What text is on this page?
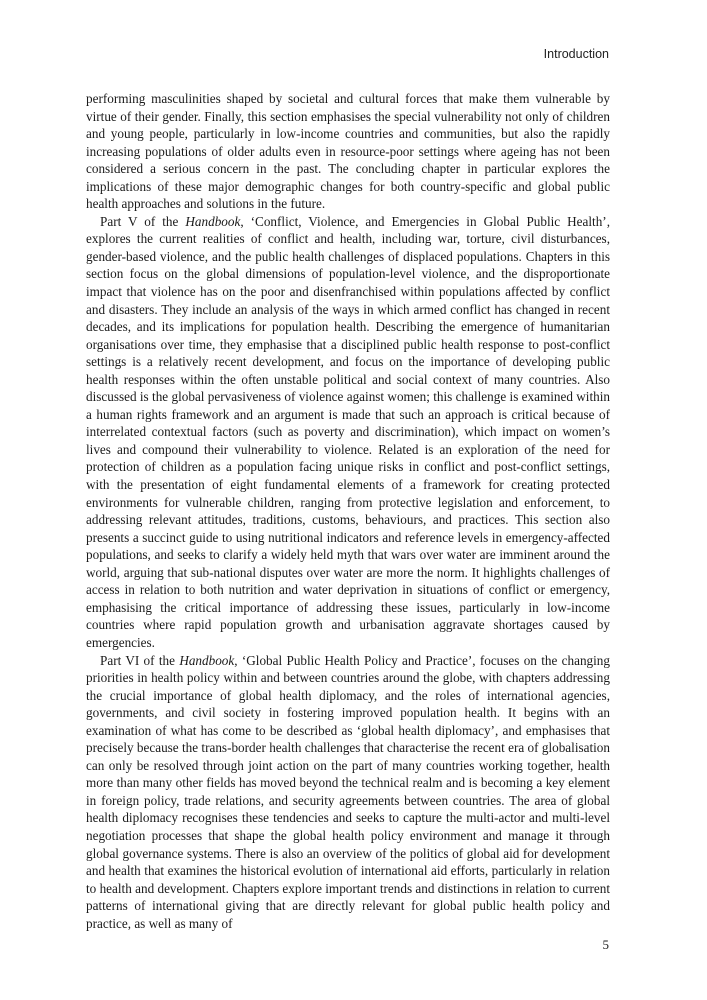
Introduction

performing masculinities shaped by societal and cultural forces that make them vulnerable by virtue of their gender. Finally, this section emphasises the special vulnerability not only of children and young people, particularly in low-income countries and communities, but also the rapidly increasing populations of older adults even in resource-poor settings where ageing has not been considered a serious concern in the past. The concluding chapter in particular explores the implications of these major demographic changes for both country-specific and global public health approaches and solutions in the future.

Part V of the Handbook, ‘Conflict, Violence, and Emergencies in Global Public Health’, explores the current realities of conflict and health, including war, torture, civil disturbances, gender-based violence, and the public health challenges of displaced populations. Chapters in this section focus on the global dimensions of population-level violence, and the disproportionate impact that violence has on the poor and disenfranchised within populations affected by conflict and disasters. They include an analysis of the ways in which armed conflict has changed in recent decades, and its implications for population health. Describing the emergence of humanitarian organisations over time, they emphasise that a disciplined public health response to post-conflict settings is a relatively recent development, and focus on the importance of developing public health responses within the often unstable political and social context of many countries. Also discussed is the global pervasiveness of violence against women; this challenge is examined within a human rights framework and an argument is made that such an approach is critical because of interrelated contextual factors (such as poverty and discrimination), which impact on women’s lives and compound their vulnerability to violence. Related is an exploration of the need for protection of children as a population facing unique risks in conflict and post-conflict settings, with the presentation of eight fundamental elements of a framework for creating protected environments for vulnerable children, ranging from protective legislation and enforcement, to addressing relevant attitudes, traditions, customs, behaviours, and practices. This section also presents a succinct guide to using nutritional indicators and reference levels in emergency-affected populations, and seeks to clarify a widely held myth that wars over water are imminent around the world, arguing that sub-national disputes over water are more the norm. It highlights challenges of access in relation to both nutrition and water deprivation in situations of conflict or emergency, emphasising the critical importance of addressing these issues, particularly in low-income countries where rapid population growth and urbanisation aggravate shortages caused by emergencies.

Part VI of the Handbook, ‘Global Public Health Policy and Practice’, focuses on the changing priorities in health policy within and between countries around the globe, with chapters addressing the crucial importance of global health diplomacy, and the roles of international agencies, governments, and civil society in fostering improved population health. It begins with an examination of what has come to be described as ‘global health diplomacy’, and emphasises that precisely because the trans-border health challenges that characterise the recent era of globalisation can only be resolved through joint action on the part of many countries working together, health more than many other fields has moved beyond the technical realm and is becoming a key element in foreign policy, trade relations, and security agreements between countries. The area of global health diplomacy recognises these tendencies and seeks to capture the multi-actor and multi-level negotiation processes that shape the global health policy environment and manage it through global governance systems. There is also an overview of the politics of global aid for development and health that examines the historical evolution of international aid efforts, particularly in relation to health and development. Chapters explore important trends and distinctions in relation to current patterns of international giving that are directly relevant for global public health policy and practice, as well as many of

5
